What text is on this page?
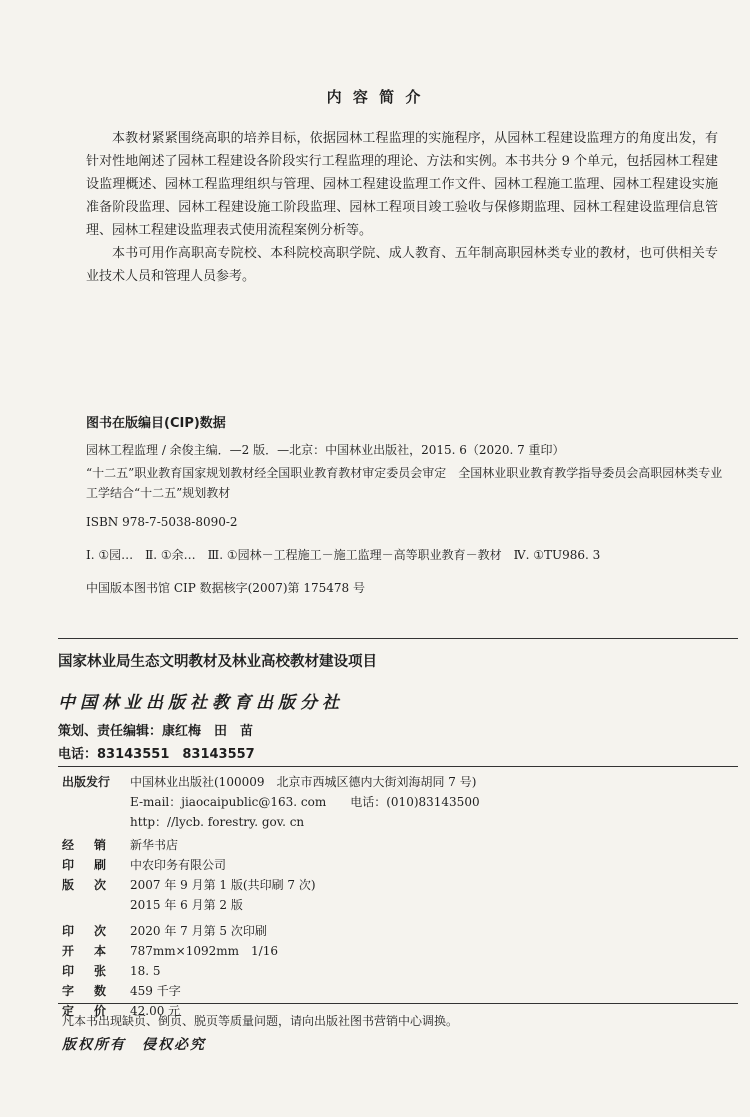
内 容 简 介

本教材紧紧围绕高职的培养目标，依据园林工程监理的实施程序，从园林工程建设监理方的角度出发，有针对性地阐述了园林工程建设各阶段实行工程监理的理论、方法和实例。本书共分 9 个单元，包括园林工程建设监理概述、园林工程监理组织与管理、园林工程建设监理工作文件、园林工程施工监理、园林工程建设实施准备阶段监理、园林工程建设施工阶段监理、园林工程项目竣工验收与保修期监理、园林工程建设监理信息管理、园林工程建设监理表式使用流程案例分析等。

本书可用作高职高专院校、本科院校高职学院、成人教育、五年制高职园林类专业的教材，也可供相关专业技术人员和管理人员参考。

图书在版编目(CIP)数据
园林工程监理 / 余俊主编．—2 版．—北京：中国林业出版社，2015. 6（2020. 7 重印）
“十二五”职业教育国家规划教材经全国职业教育教材审定委员会审定　全国林业职业教育教学指导委员会高职园林类专业工学结合“十二五”规划教材
ISBN 978-7-5038-8090-2
Ⅰ. ①园…　Ⅱ. ①余…　Ⅲ. ①园林－工程施工－施工监理－高等职业教育－教材　Ⅳ. ①TU986. 3
中国版本图书馆 CIP 数据核字(2007)第 175478 号
国家林业局生态文明教材及林业高校教材建设项目
中国林业出版社教育出版分社
策划、责任编辑：康红梅　田　苗
电话：83143551　83143557
出版发行 中国林业出版社(100009　北京市西城区德内大街刘海胡同 7 号)
E-mail：jiaocaipublic@163. com　　电话：(010)83143500
http：//lycb. forestry. gov. cn
经 销 新华书店
印 刷 中农印务有限公司
版 次 2007 年 9 月第 1 版(共印刷 7 次)
2015 年 6 月第 2 版
印 次 2020 年 7 月第 5 次印刷
开 本 787mm×1092mm　1/16
印 张 18. 5
字 数 459 千字
定 价 42.00 元
凡本书出现缺页、倒页、脱页等质量问题，请向出版社图书营销中心调换。
版权所有　侵权必究
